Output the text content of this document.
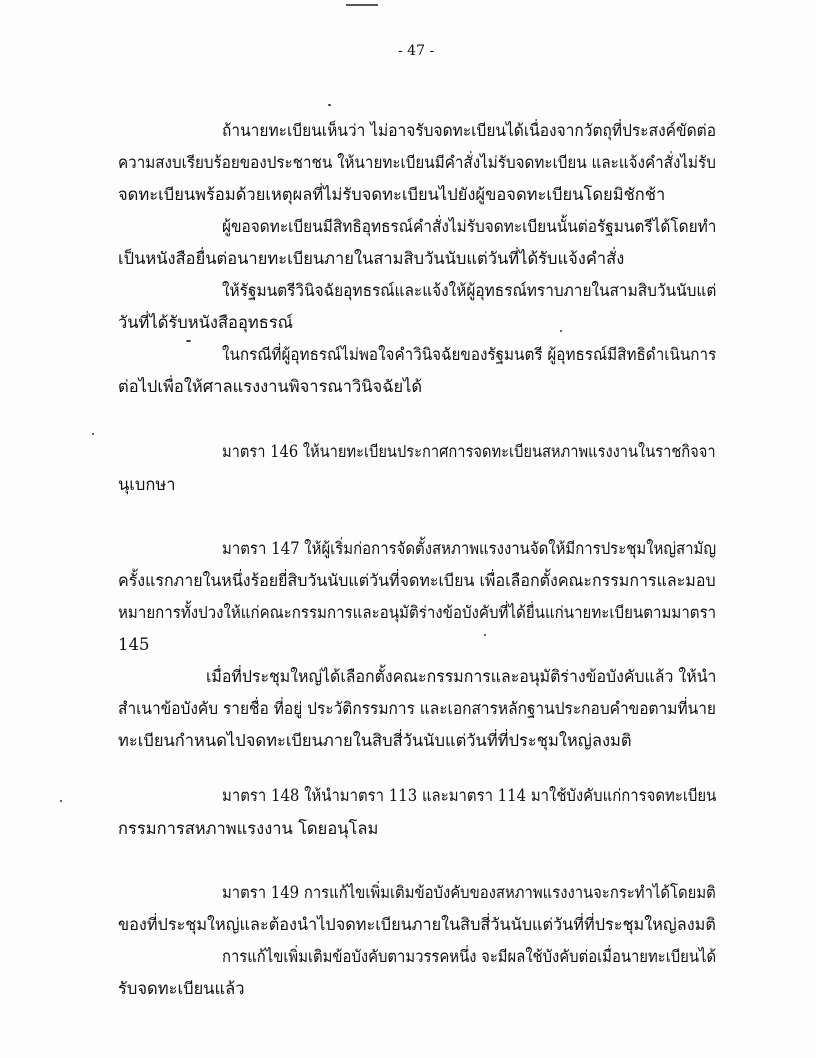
- 47 -
ถ้านายทะเบียนเห็นว่า ไม่อาจรับจดทะเบียนได้เนื่องจากวัตถุที่ประสงค์ขัดต่อ
ความสงบเรียบร้อยของประชาชน ให้นายทะเบียนมีคำสั่งไม่รับจดทะเบียน และแจ้งคำสั่งไม่รับ
จดทะเบียนพร้อมด้วยเหตุผลที่ไม่รับจดทะเบียนไปยังผู้ขอจดทะเบียนโดยมิชักช้า
ผู้ขอจดทะเบียนมีสิทธิอุทธรณ์คำสั่งไม่รับจดทะเบียนนั้นต่อรัฐมนตรีได้โดยทำ
เป็นหนังสือยื่นต่อนายทะเบียนภายในสามสิบวันนับแต่วันที่ได้รับแจ้งคำสั่ง
ให้รัฐมนตรีวินิจฉัยอุทธรณ์และแจ้งให้ผู้อุทธรณ์ทราบภายในสามสิบวันนับแต่
วันที่ได้รับหนังสืออุทธรณ์
ในกรณีที่ผู้อุทธรณ์ไม่พอใจคำวินิจฉัยของรัฐมนตรี ผู้อุทธรณ์มีสิทธิดำเนินการ
ต่อไปเพื่อให้ศาลแรงงานพิจารณาวินิจฉัยได้
มาตรา 146 ให้นายทะเบียนประกาศการจดทะเบียนสหภาพแรงงานในราชกิจจา
นุเบกษา
มาตรา 147 ให้ผู้เริ่มก่อการจัดตั้งสหภาพแรงงานจัดให้มีการประชุมใหญ่สามัญ
ครั้งแรกภายในหนึ่งร้อยยี่สิบวันนับแต่วันที่จดทะเบียน เพื่อเลือกตั้งคณะกรรมการและมอบ
หมายการทั้งปวงให้แก่คณะกรรมการและอนุมัติร่างข้อบังคับที่ได้ยื่นแก่นายทะเบียนตามมาตรา
145
เมื่อที่ประชุมใหญ่ได้เลือกตั้งคณะกรรมการและอนุมัติร่างข้อบังคับแล้ว ให้นำ
สำเนาข้อบังคับ รายชื่อ ที่อยู่ ประวัติกรรมการ และเอกสารหลักฐานประกอบคำขอตามที่นาย
ทะเบียนกำหนดไปจดทะเบียนภายในสิบสี่วันนับแต่วันที่ที่ประชุมใหญ่ลงมติ
มาตรา 148 ให้นำมาตรา 113 และมาตรา 114 มาใช้บังคับแก่การจดทะเบียน
กรรมการสหภาพแรงงาน โดยอนุโลม
มาตรา 149 การแก้ไขเพิ่มเติมข้อบังคับของสหภาพแรงงานจะกระทำได้โดยมติ
ของที่ประชุมใหญ่และต้องนำไปจดทะเบียนภายในสิบสี่วันนับแต่วันที่ที่ประชุมใหญ่ลงมติ
การแก้ไขเพิ่มเติมข้อบังคับตามวรรคหนึ่ง จะมีผลใช้บังคับต่อเมื่อนายทะเบียนได้
รับจดทะเบียนแล้ว
